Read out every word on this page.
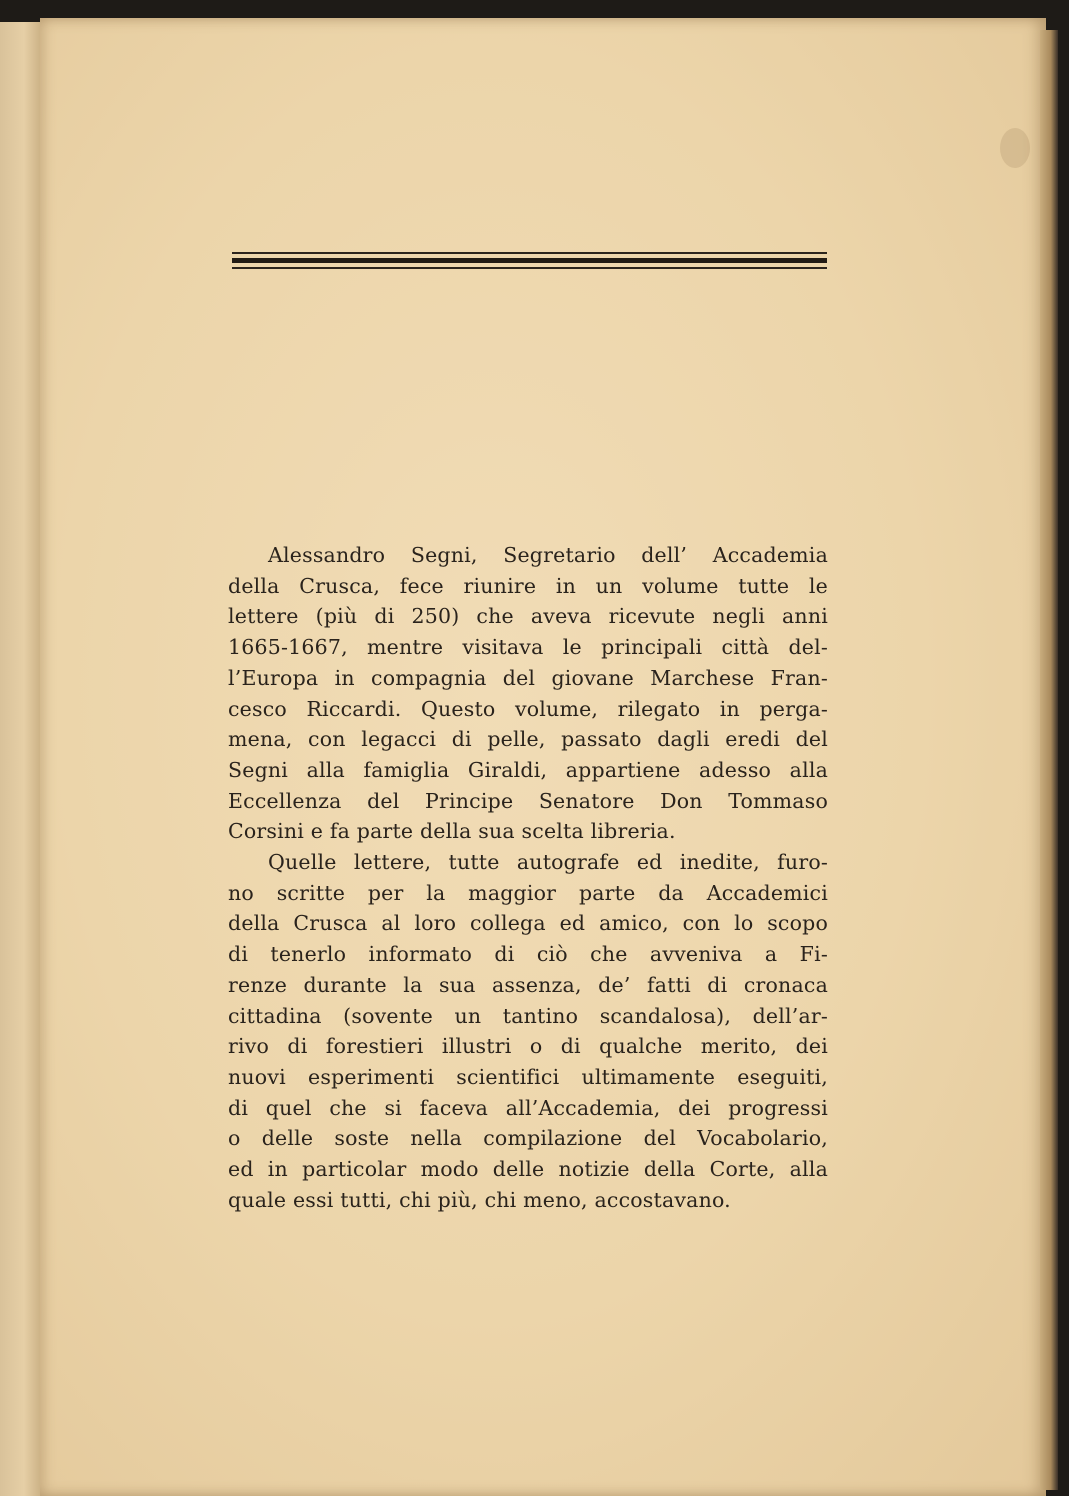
Alessandro Segni, Segretario dell’ Accademia
della Crusca, fece riunire in un volume tutte le
lettere (più di 250) che aveva ricevute negli anni
1665-1667, mentre visitava le principali città del-
l’Europa in compagnia del giovane Marchese Fran-
cesco Riccardi. Questo volume, rilegato in perga-
mena, con legacci di pelle, passato dagli eredi del
Segni alla famiglia Giraldi, appartiene adesso alla
Eccellenza del Principe Senatore Don Tommaso
Corsini e fa parte della sua scelta libreria.

Quelle lettere, tutte autografe ed inedite, furo-
no scritte per la maggior parte da Accademici
della Crusca al loro collega ed amico, con lo scopo
di tenerlo informato di ciò che avveniva a Fi-
renze durante la sua assenza, de’ fatti di cronaca
cittadina (sovente un tantino scandalosa), dell’ar-
rivo di forestieri illustri o di qualche merito, dei
nuovi esperimenti scientifici ultimamente eseguiti,
di quel che si faceva all’Accademia, dei progressi
o delle soste nella compilazione del Vocabolario,
ed in particolar modo delle notizie della Corte, alla
quale essi tutti, chi più, chi meno, accostavano.
